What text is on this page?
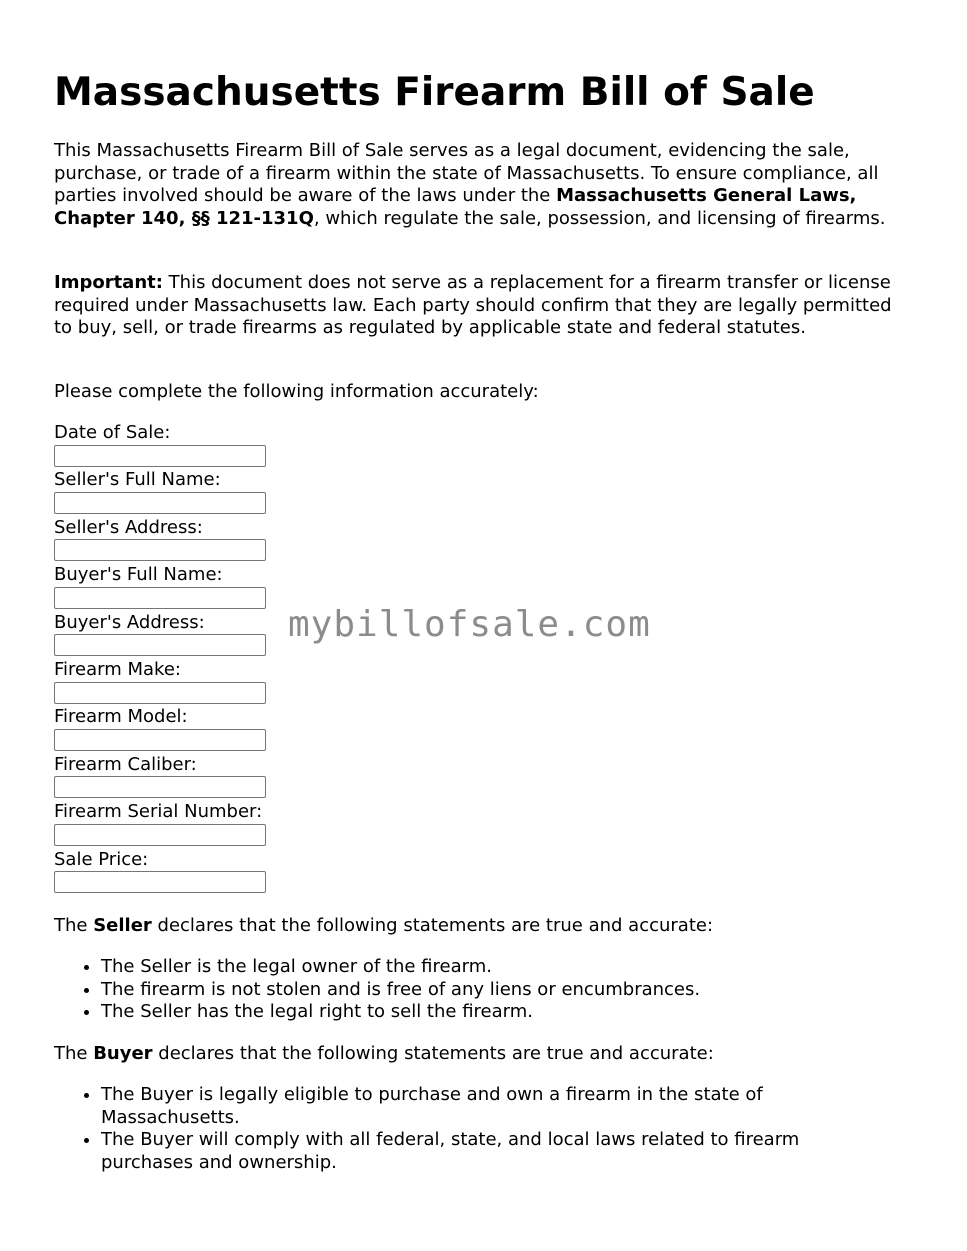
Massachusetts Firearm Bill of Sale

This Massachusetts Firearm Bill of Sale serves as a legal document, evidencing the sale, purchase, or trade of a firearm within the state of Massachusetts. To ensure compliance, all parties involved should be aware of the laws under the Massachusetts General Laws, Chapter 140, §§ 121-131Q, which regulate the sale, possession, and licensing of firearms.

Important: This document does not serve as a replacement for a firearm transfer or license required under Massachusetts law. Each party should confirm that they are legally permitted to buy, sell, or trade firearms as regulated by applicable state and federal statutes.

Please complete the following information accurately:

Date of Sale:
Seller's Full Name:
Seller's Address:
Buyer's Full Name:
Buyer's Address:
Firearm Make:
Firearm Model:
Firearm Caliber:
Firearm Serial Number:
Sale Price:

The Seller declares that the following statements are true and accurate:

• The Seller is the legal owner of the firearm.
• The firearm is not stolen and is free of any liens or encumbrances.
• The Seller has the legal right to sell the firearm.

The Buyer declares that the following statements are true and accurate:

• The Buyer is legally eligible to purchase and own a firearm in the state of Massachusetts.
• The Buyer will comply with all federal, state, and local laws related to firearm purchases and ownership.
mybillofsale.com
